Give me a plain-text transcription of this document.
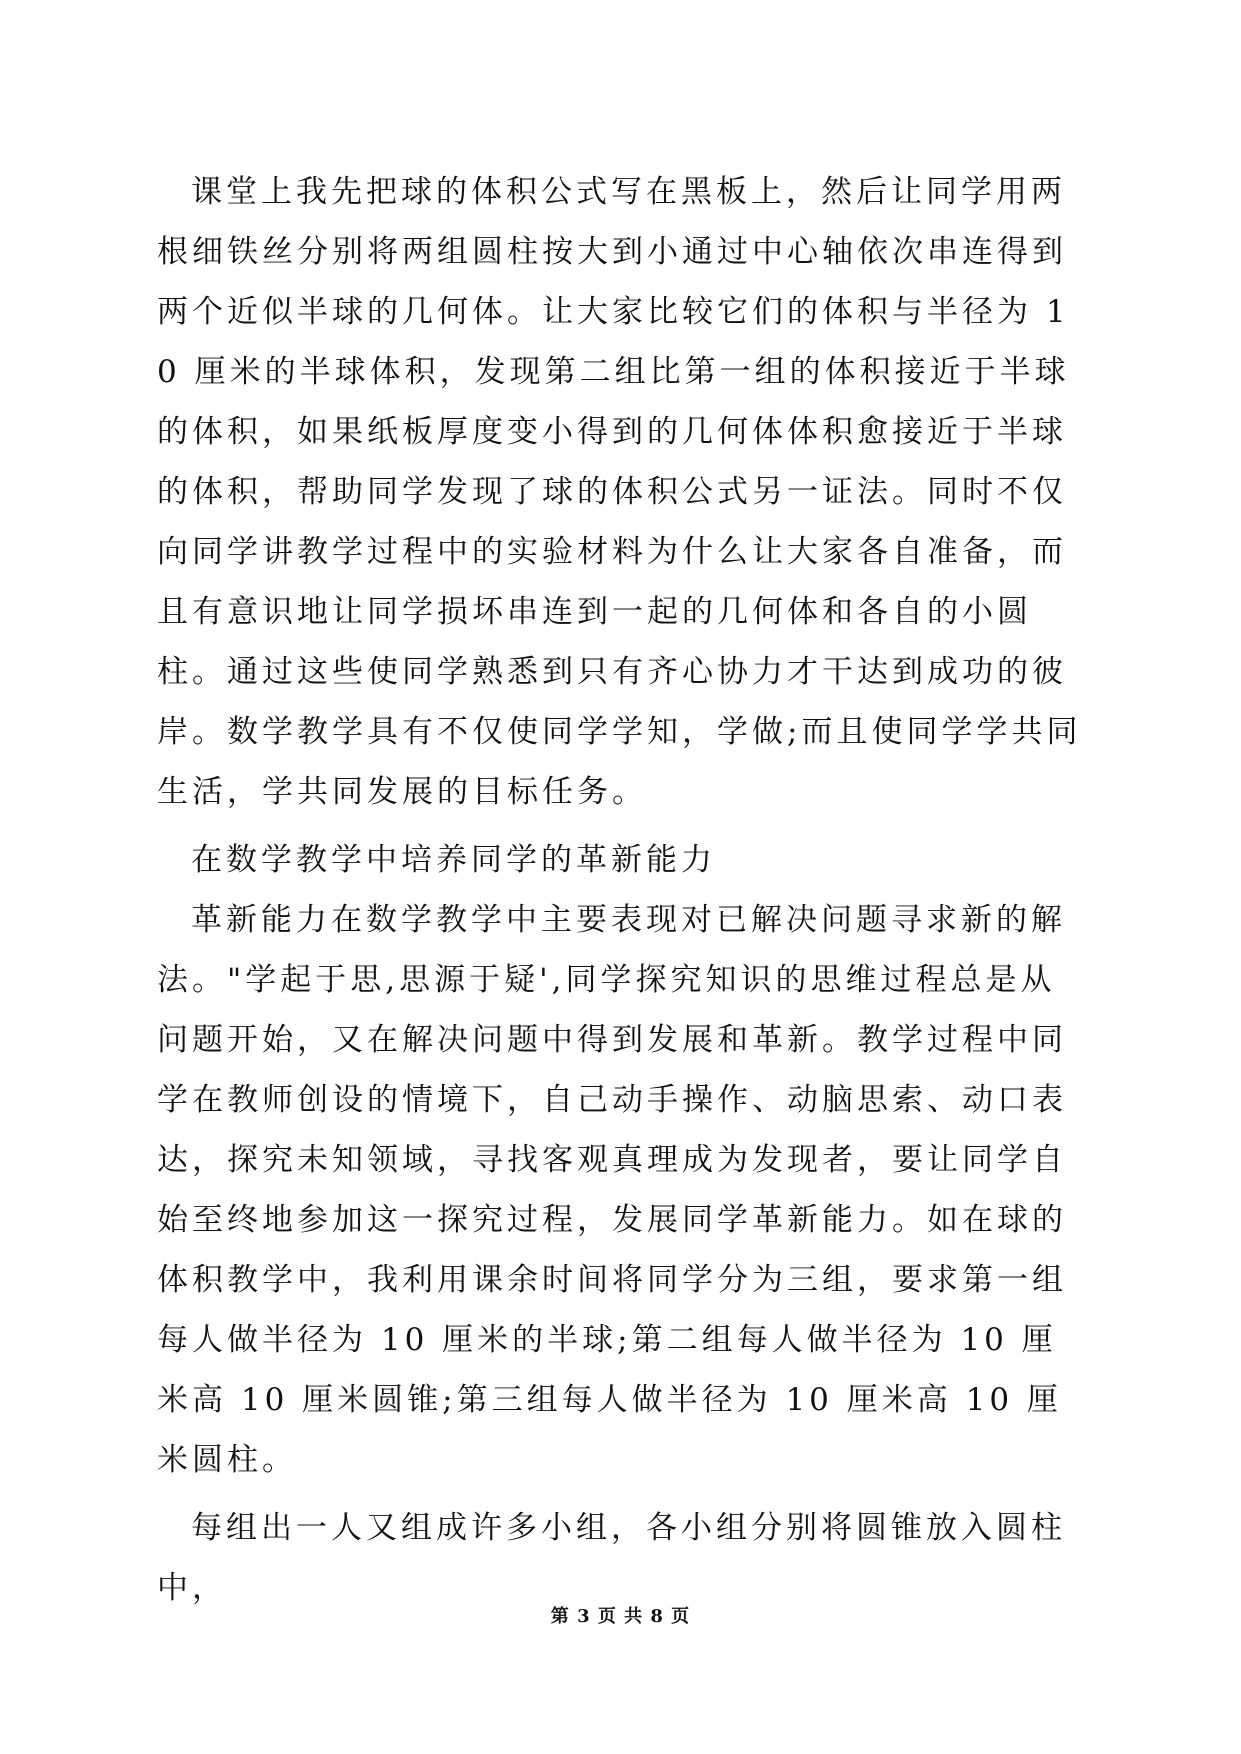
课堂上我先把球的体积公式写在黑板上，然后让同学用两根细铁丝分别将两组圆柱按大到小通过中心轴依次串连得到两个近似半球的几何体。让大家比较它们的体积与半径为 10 厘米的半球体积，发现第二组比第一组的体积接近于半球的体积，如果纸板厚度变小得到的几何体体积愈接近于半球的体积，帮助同学发现了球的体积公式另一证法。同时不仅向同学讲教学过程中的实验材料为什么让大家各自准备，而且有意识地让同学损坏串连到一起的几何体和各自的小圆柱。通过这些使同学熟悉到只有齐心协力才干达到成功的彼岸。数学教学具有不仅使同学学知，学做;而且使同学学共同生活，学共同发展的目标任务。

在数学教学中培养同学的革新能力

革新能力在数学教学中主要表现对已解决问题寻求新的解法。"学起于思,思源于疑',同学探究知识的思维过程总是从问题开始，又在解决问题中得到发展和革新。教学过程中同学在教师创设的情境下，自己动手操作、动脑思索、动口表达，探究未知领域，寻找客观真理成为发现者，要让同学自始至终地参加这一探究过程，发展同学革新能力。如在球的体积教学中，我利用课余时间将同学分为三组，要求第一组每人做半径为 10 厘米的半球;第二组每人做半径为 10 厘米高 10 厘米圆锥;第三组每人做半径为 10 厘米高 10 厘米圆柱。

每组出一人又组成许多小组，各小组分别将圆锥放入圆柱中，

第 3 页 共 8 页
